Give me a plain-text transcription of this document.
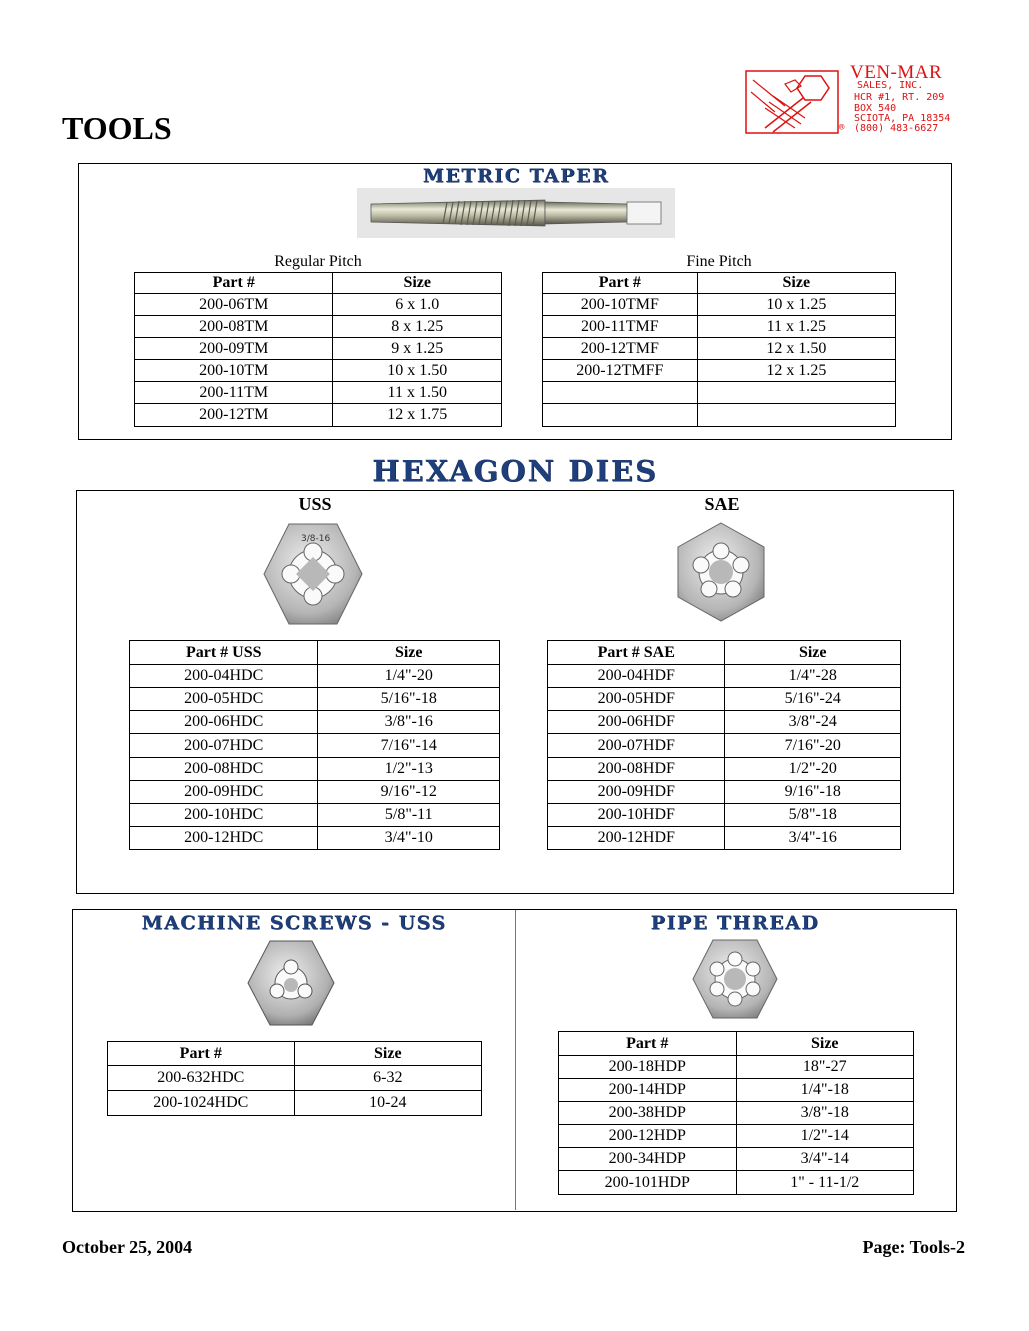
TOOLS
VEN-MAR
SALES, INC.
HCR #1, RT. 209
BOX 540
SCIOTA, PA 18354
(800) 483-6627
®
METRIC TAPER
Regular Pitch	Fine Pitch
Part #	Size
200-06TM	6 x 1.0
200-08TM	8 x 1.25
200-09TM	9 x 1.25
200-10TM	10 x 1.50
200-11TM	11 x 1.50
200-12TM	12 x 1.75
Part #	Size
200-10TMF	10 x 1.25
200-11TMF	11 x 1.25
200-12TMF	12 x 1.50
200-12TMFF	12 x 1.25

HEXAGON DIES
USS	SAE
3/8-16
Part # USS	Size
200-04HDC	1/4"-20
200-05HDC	5/16"-18
200-06HDC	3/8"-16
200-07HDC	7/16"-14
200-08HDC	1/2"-13
200-09HDC	9/16"-12
200-10HDC	5/8"-11
200-12HDC	3/4"-10
Part # SAE	Size
200-04HDF	1/4"-28
200-05HDF	5/16"-24
200-06HDF	3/8"-24
200-07HDF	7/16"-20
200-08HDF	1/2"-20
200-09HDF	9/16"-18
200-10HDF	5/8"-18
200-12HDF	3/4"-16
MACHINE SCREWS - USS	PIPE THREAD
Part #	Size
200-632HDC	6-32
200-1024HDC	10-24
Part #	Size
200-18HDP	18"-27
200-14HDP	1/4"-18
200-38HDP	3/8"-18
200-12HDP	1/2"-14
200-34HDP	3/4"-14
200-101HDP	1" - 11-1/2
October 25, 2004	Page: Tools-2
